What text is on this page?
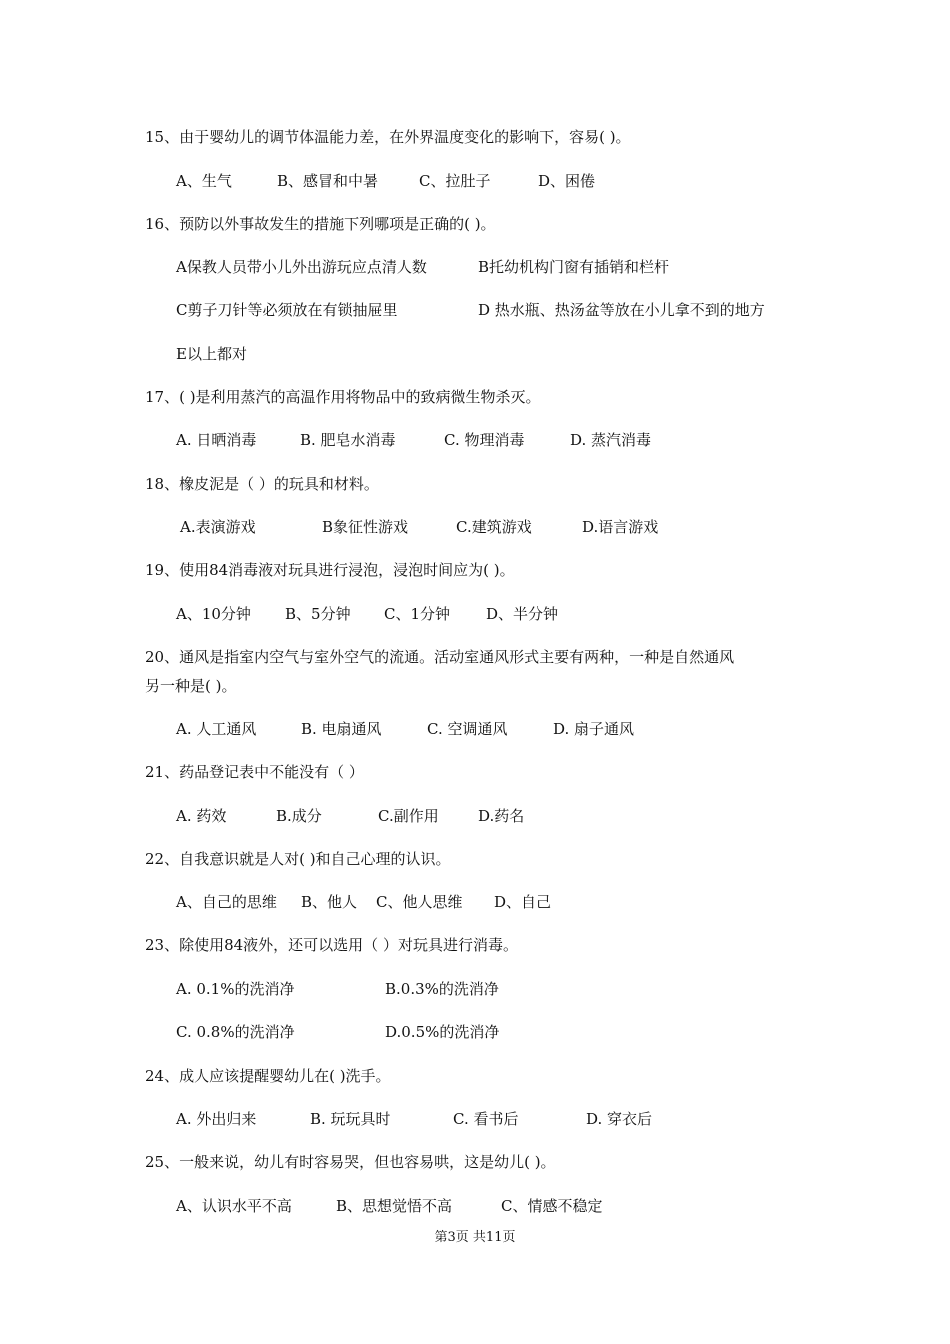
15、由于婴幼儿的调节体温能力差，在外界温度变化的影响下，容易( )。
A、生气	B、感冒和中暑	C、拉肚子	D、困倦
16、预防以外事故发生的措施下列哪项是正确的( )。
A保教人员带小儿外出游玩应点清人数	B托幼机构门窗有插销和栏杆
C剪子刀针等必须放在有锁抽屉里	D 热水瓶、热汤盆等放在小儿拿不到的地方
E以上都对
17、( )是利用蒸汽的高温作用将物品中的致病微生物杀灭。
A. 日晒消毒	B. 肥皂水消毒	C. 物理消毒	D. 蒸汽消毒
18、橡皮泥是（ ）的玩具和材料。
A.表演游戏	B象征性游戏	C.建筑游戏	D.语言游戏
19、使用84消毒液对玩具进行浸泡，浸泡时间应为( )。
A、10分钟 B、5分钟 C、1分钟 D、半分钟
20、通风是指室内空气与室外空气的流通。活动室通风形式主要有两种，一种是自然通风
另一种是( )。
A. 人工通风	B. 电扇通风	C. 空调通风	D. 扇子通风
21、药品登记表中不能没有（ ）
A. 药效	B.成分	C.副作用	D.药名
22、自我意识就是人对( )和自己心理的认识。
A、自己的思维 B、他人 C、他人思维 D、自己
23、除使用84液外，还可以选用（ ）对玩具进行消毒。
A. 0.1%的洗消净	B.0.3%的洗消净
C. 0.8%的洗消净	D.0.5%的洗消净
24、成人应该提醒婴幼儿在( )洗手。
A. 外出归来	B. 玩玩具时	C. 看书后	D. 穿衣后
25、一般来说，幼儿有时容易哭，但也容易哄，这是幼儿( )。
A、认识水平不高	B、思想觉悟不高	C、情感不稳定
第3页 共11页
